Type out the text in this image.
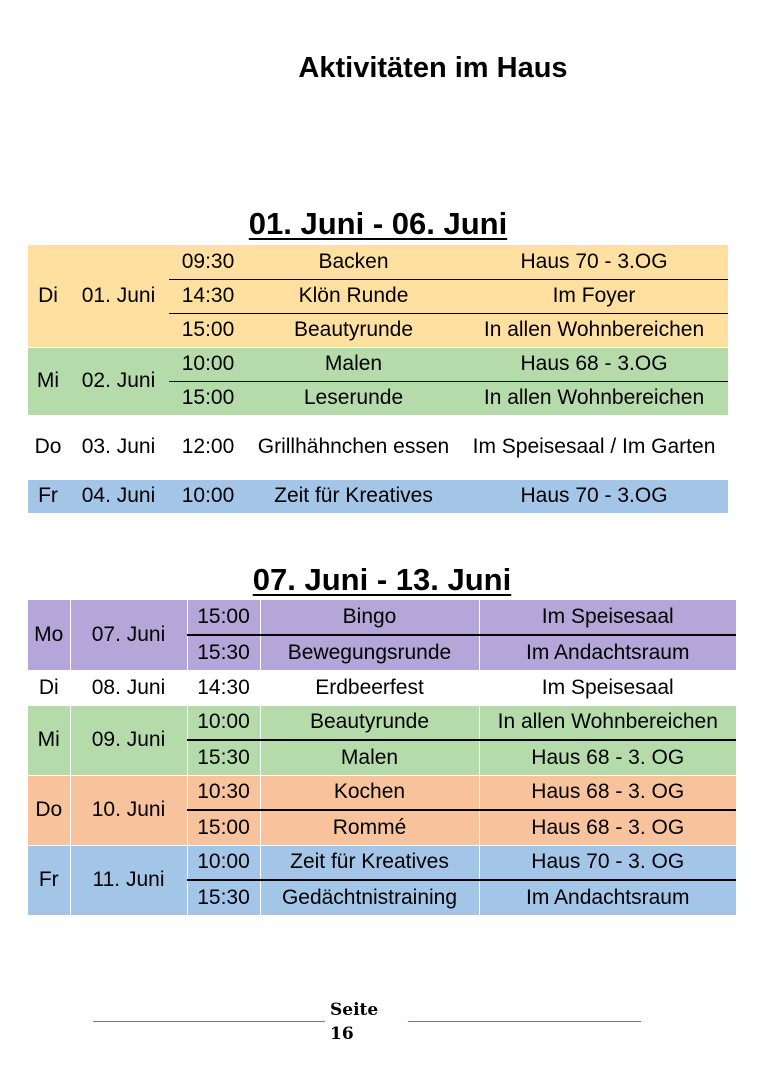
Aktivitäten im Haus
01. Juni - 06. Juni
Di	01. Juni	09:30	Backen	Haus 70 - 3.OG
		14:30	Klön Runde	Im Foyer
		15:00	Beautyrunde	In allen Wohnbereichen
Mi	02. Juni	10:00	Malen	Haus 68 - 3.OG
		15:00	Leserunde	In allen Wohnbereichen
Do	03. Juni	12:00	Grillhähnchen essen	Im Speisesaal / Im Garten
Fr	04. Juni	10:00	Zeit für Kreatives	Haus 70 - 3.OG
07. Juni - 13. Juni
Mo	07. Juni	15:00	Bingo	Im Speisesaal
		15:30	Bewegungsrunde	Im Andachtsraum
Di	08. Juni	14:30	Erdbeerfest	Im Speisesaal
Mi	09. Juni	10:00	Beautyrunde	In allen Wohnbereichen
		15:30	Malen	Haus 68 - 3. OG
Do	10. Juni	10:30	Kochen	Haus 68 - 3. OG
		15:00	Rommé	Haus 68 - 3. OG
Fr	11. Juni	10:00	Zeit für Kreatives	Haus 70 - 3. OG
		15:30	Gedächtnistraining	Im Andachtsraum
Seite
16
